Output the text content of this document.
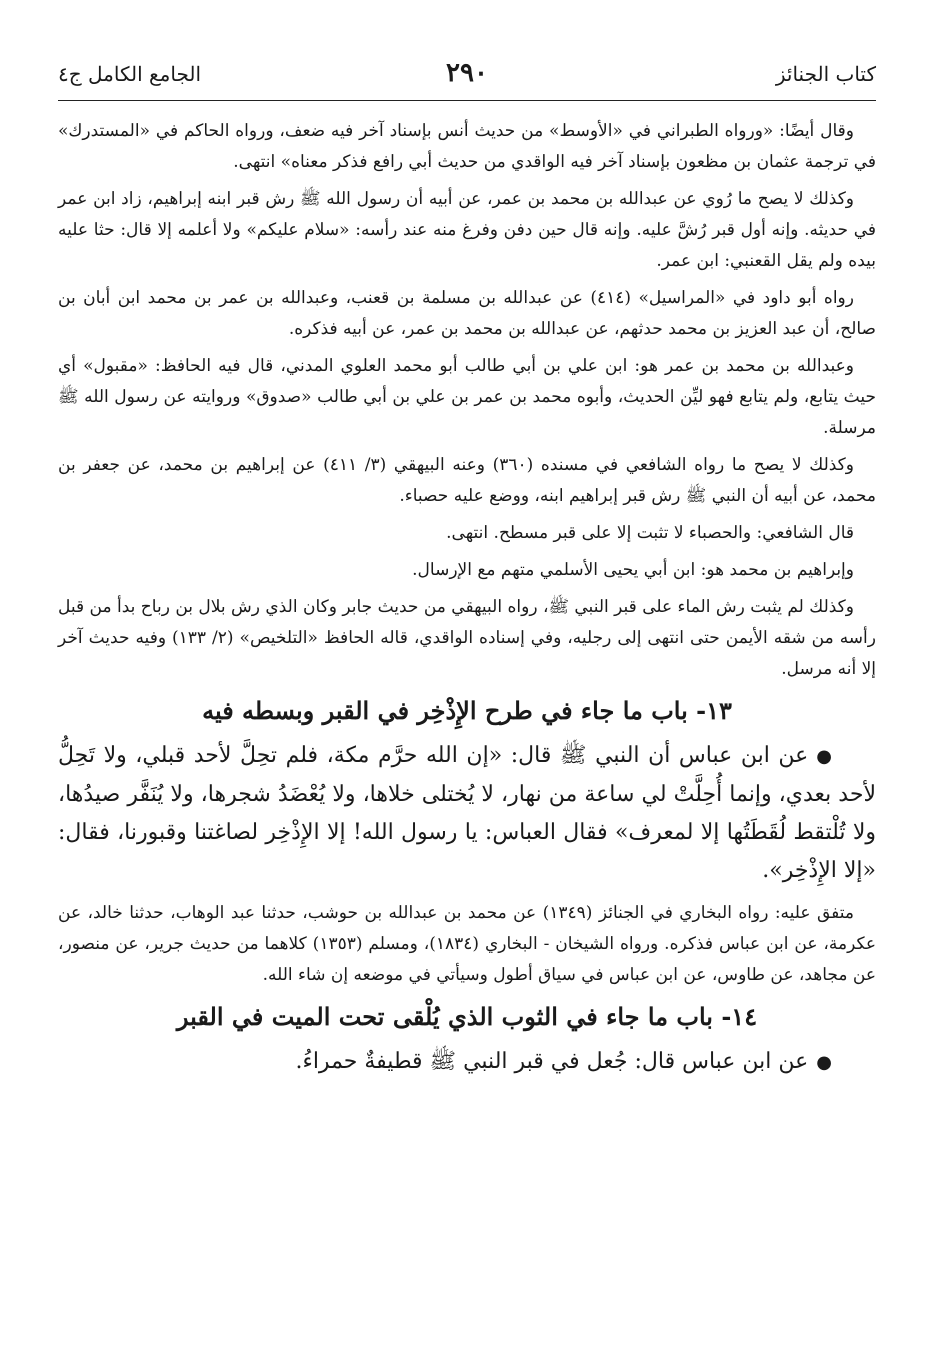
كتاب الجنائز
٢٩٠
الجامع الكامل ج٤

وقال أيضًا: «ورواه الطبراني في «الأوسط» من حديث أنس بإسناد آخر فيه ضعف، ورواه الحاكم في «المستدرك» في ترجمة عثمان بن مظعون بإسناد آخر فيه الواقدي من حديث أبي رافع فذكر معناه» انتهى.

وكذلك لا يصح ما رُوي عن عبدالله بن محمد بن عمر، عن أبيه أن رسول الله ﷺ رش قبر ابنه إبراهيم، زاد ابن عمر في حديثه. وإنه أول قبر رُشَّ عليه. وإنه قال حين دفن وفرغ منه عند رأسه: «سلام عليكم» ولا أعلمه إلا قال: حثا عليه بيده ولم يقل القعنبي: ابن عمر.

رواه أبو داود في «المراسيل» (٤١٤) عن عبدالله بن مسلمة بن قعنب، وعبدالله بن عمر بن محمد ابن أبان بن صالح، أن عبد العزيز بن محمد حدثهم، عن عبدالله بن محمد بن عمر، عن أبيه فذكره.

وعبدالله بن محمد بن عمر هو: ابن علي بن أبي طالب أبو محمد العلوي المدني، قال فيه الحافظ: «مقبول» أي حيث يتابع، ولم يتابع فهو ليِّن الحديث، وأبوه محمد بن عمر بن علي بن أبي طالب «صدوق» وروايته عن رسول الله ﷺ مرسلة.

وكذلك لا يصح ما رواه الشافعي في مسنده (٣٦٠) وعنه البيهقي (٣/ ٤١١) عن إبراهيم بن محمد، عن جعفر بن محمد، عن أبيه أن النبي ﷺ رش قبر إبراهيم ابنه، ووضع عليه حصباء.

قال الشافعي: والحصباء لا تثبت إلا على قبر مسطح. انتهى.

وإبراهيم بن محمد هو: ابن أبي يحيى الأسلمي متهم مع الإرسال.

وكذلك لم يثبت رش الماء على قبر النبي ﷺ، رواه البيهقي من حديث جابر وكان الذي رش بلال بن رباح بدأ من قبل رأسه من شقه الأيمن حتى انتهى إلى رجليه، وفي إسناده الواقدي، قاله الحافظ «التلخيص» (٢/ ١٣٣) وفيه حديث آخر إلا أنه مرسل.

١٣- باب ما جاء في طرح الإِذْخِر في القبر وبسطه فيه

●عن ابن عباس أن النبي ﷺ قال: «إن الله حرَّم مكة، فلم تحِلَّ لأحد قبلي، ولا تَحِلُّ لأحد بعدي، وإنما أُحِلَّتْ لي ساعة من نهار، لا يُختلى خلاها، ولا يُعْضَدُ شجرها، ولا يُنَفَّر صيدُها، ولا تُلْتقط لُقَطَتُها إلا لمعرف» فقال العباس: يا رسول الله! إلا الإِذْخِر لصاغتنا وقبورنا، فقال: «إلا الإِذْخِر».

متفق عليه: رواه البخاري في الجنائز (١٣٤٩) عن محمد بن عبدالله بن حوشب، حدثنا عبد الوهاب، حدثنا خالد، عن عكرمة، عن ابن عباس فذكره. ورواه الشيخان - البخاري (١٨٣٤)، ومسلم (١٣٥٣) كلاهما من حديث جرير، عن منصور، عن مجاهد، عن طاوس، عن ابن عباس في سياق أطول وسيأتي في موضعه إن شاء الله.

١٤- باب ما جاء في الثوب الذي يُلْقى تحت الميت في القبر

●عن ابن عباس قال: جُعل في قبر النبي ﷺ قطيفةٌ حمراءُ.
